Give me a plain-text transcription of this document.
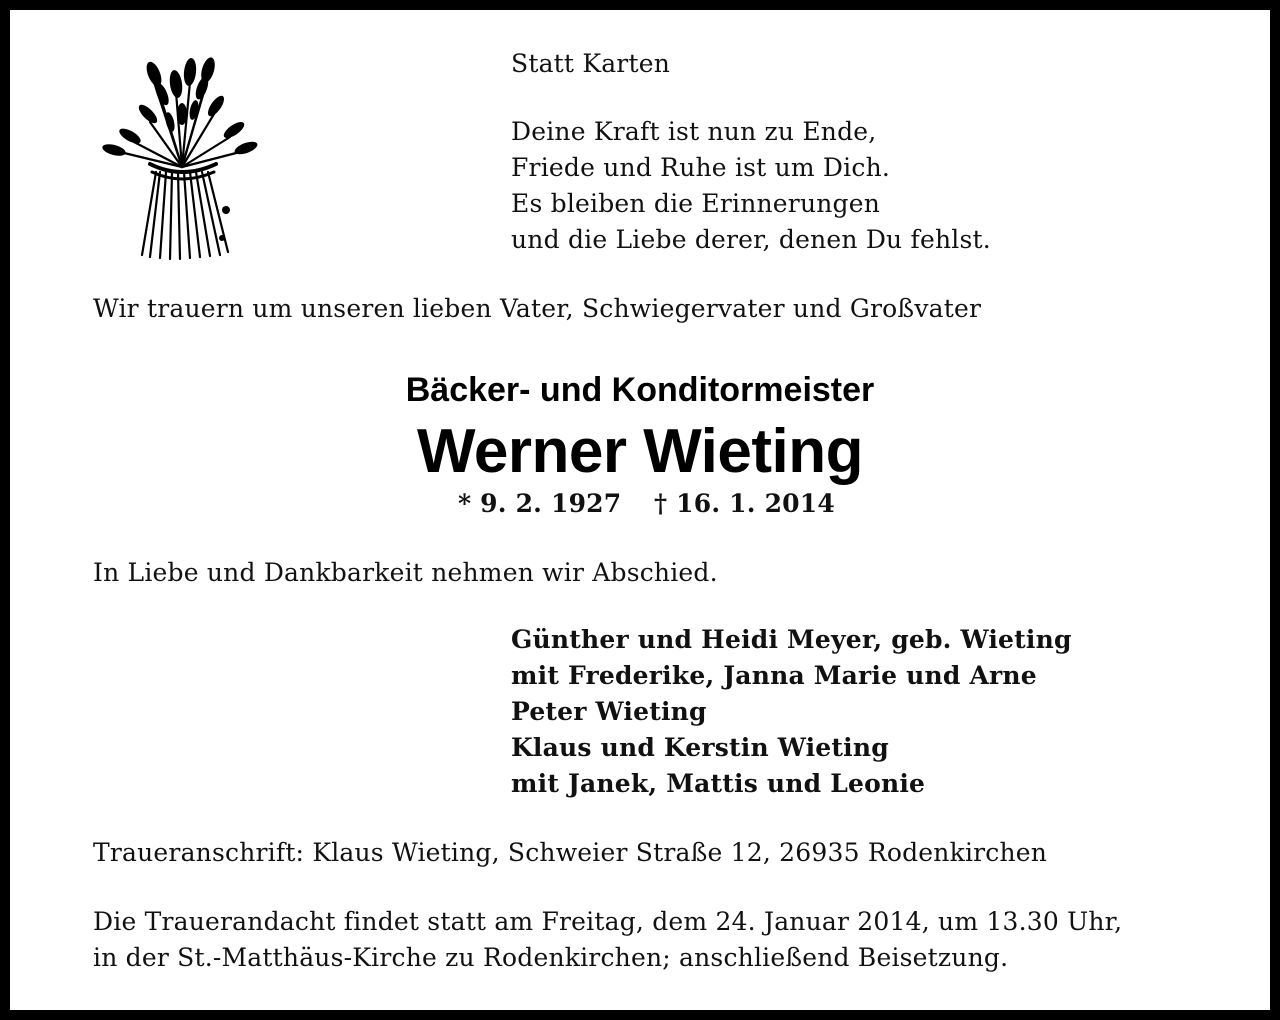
Statt Karten
Deine Kraft ist nun zu Ende,
Friede und Ruhe ist um Dich.
Es bleiben die Erinnerungen
und die Liebe derer, denen Du fehlst.
Wir trauern um unseren lieben Vater, Schwiegervater und Großvater
Bäcker- und Konditormeister
Werner Wieting
* 9. 2. 1927 † 16. 1. 2014
In Liebe und Dankbarkeit nehmen wir Abschied.
Günther und Heidi Meyer, geb. Wieting
mit Frederike, Janna Marie und Arne
Peter Wieting
Klaus und Kerstin Wieting
mit Janek, Mattis und Leonie
Traueranschrift: Klaus Wieting, Schweier Straße 12, 26935 Rodenkirchen
Die Trauerandacht findet statt am Freitag, dem 24. Januar 2014, um 13.30 Uhr,
in der St.-Matthäus-Kirche zu Rodenkirchen; anschließend Beisetzung.
